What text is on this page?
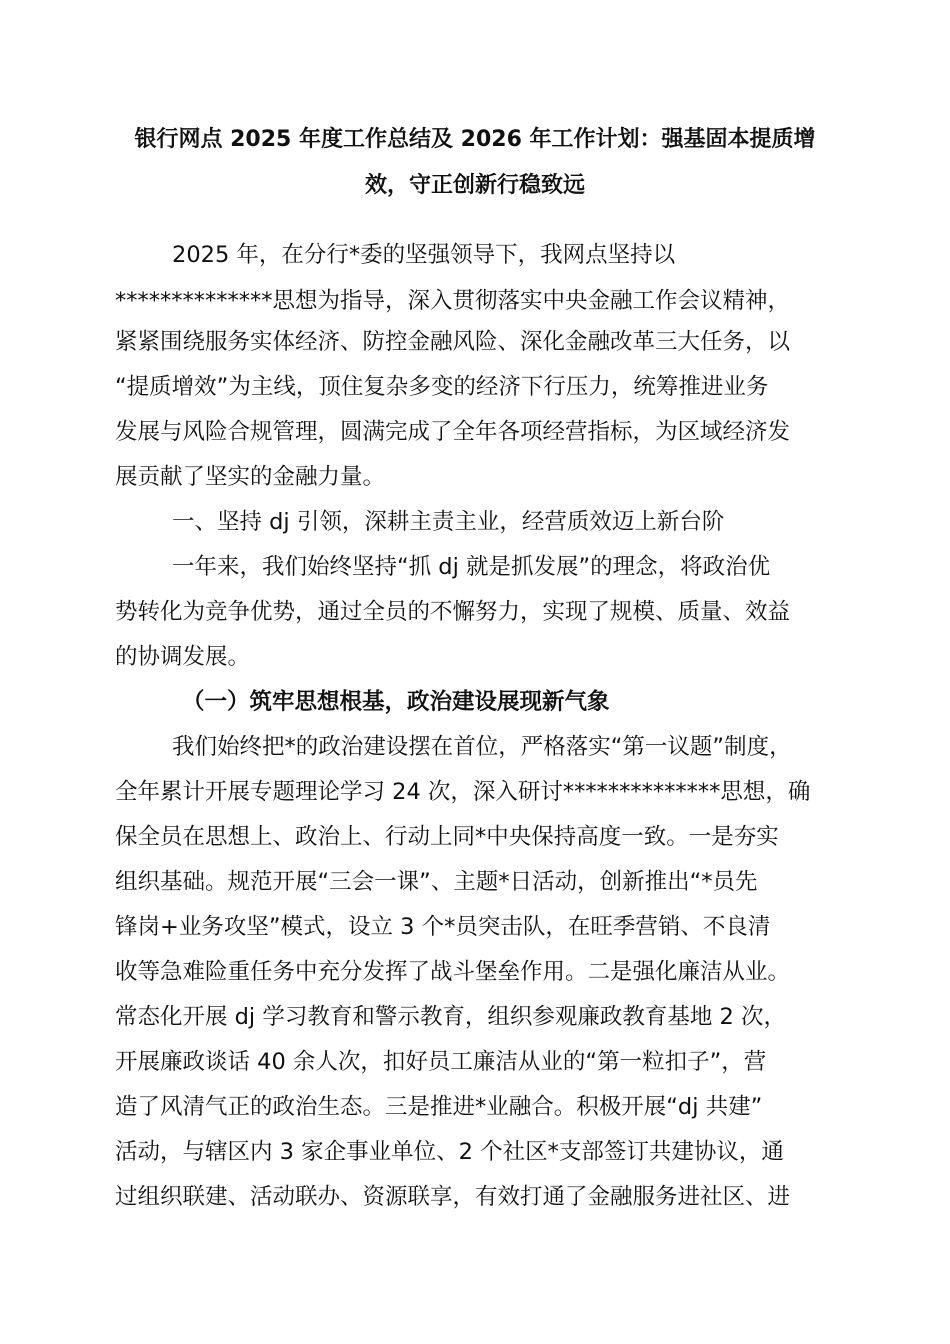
银行网点 2025 年度工作总结及 2026 年工作计划：强基固本提质增
效，守正创新行稳致远
2025 年，在分行*委的坚强领导下，我网点坚持以
**************思想为指导，深入贯彻落实中央金融工作会议精神，
紧紧围绕服务实体经济、防控金融风险、深化金融改革三大任务，以
“提质增效”为主线，顶住复杂多变的经济下行压力，统筹推进业务
发展与风险合规管理，圆满完成了全年各项经营指标，为区域经济发
展贡献了坚实的金融力量。
一、坚持 dj 引领，深耕主责主业，经营质效迈上新台阶
一年来，我们始终坚持“抓 dj 就是抓发展”的理念，将政治优
势转化为竞争优势，通过全员的不懈努力，实现了规模、质量、效益
的协调发展。
（一）筑牢思想根基，政治建设展现新气象
我们始终把*的政治建设摆在首位，严格落实“第一议题”制度，
全年累计开展专题理论学习 24 次，深入研讨**************思想，确
保全员在思想上、政治上、行动上同*中央保持高度一致。一是夯实
组织基础。规范开展“三会一课”、主题*日活动，创新推出“*员先
锋岗+业务攻坚”模式，设立 3 个*员突击队，在旺季营销、不良清
收等急难险重任务中充分发挥了战斗堡垒作用。二是强化廉洁从业。
常态化开展 dj 学习教育和警示教育，组织参观廉政教育基地 2 次，
开展廉政谈话 40 余人次，扣好员工廉洁从业的“第一粒扣子”，营
造了风清气正的政治生态。三是推进*业融合。积极开展“dj 共建”
活动，与辖区内 3 家企事业单位、2 个社区*支部签订共建协议，通
过组织联建、活动联办、资源联享，有效打通了金融服务进社区、进
